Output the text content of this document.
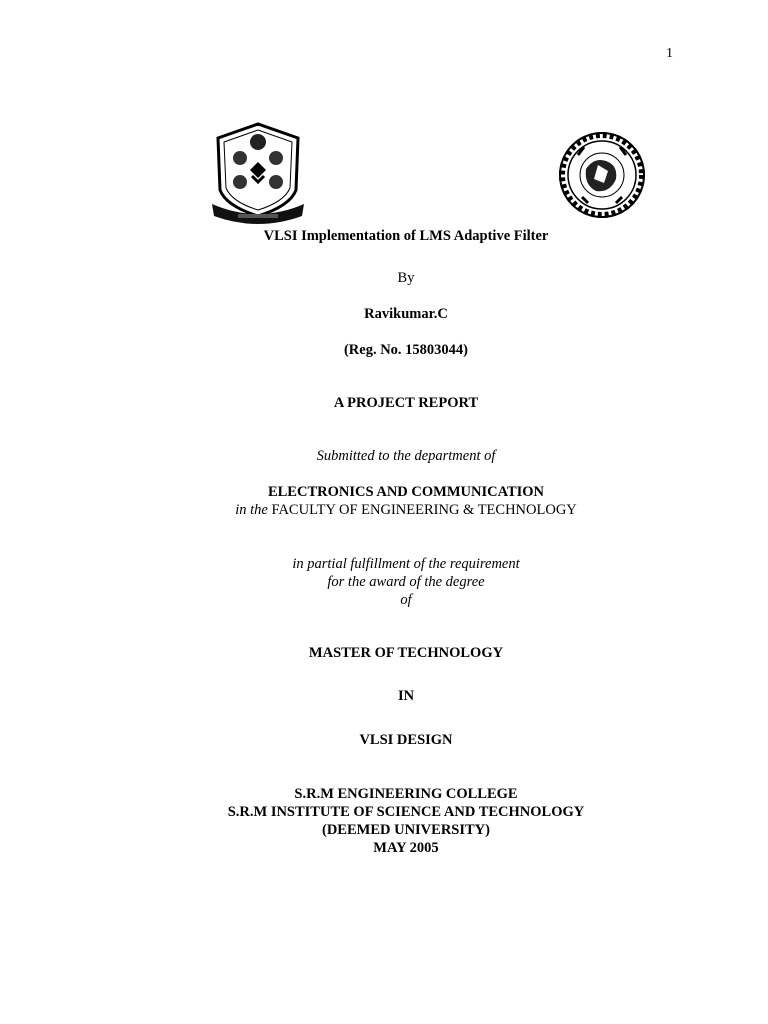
1
VLSI Implementation of LMS Adaptive Filter
By
Ravikumar.C
(Reg. No. 15803044)
A PROJECT REPORT
Submitted to the department of
ELECTRONICS AND COMMUNICATION
in the FACULTY OF ENGINEERING & TECHNOLOGY
in partial fulfillment of the requirement
for the award of the degree
of
MASTER OF TECHNOLOGY
IN
VLSI DESIGN
S.R.M ENGINEERING COLLEGE
S.R.M INSTITUTE OF SCIENCE AND TECHNOLOGY
(DEEMED UNIVERSITY)
MAY 2005
